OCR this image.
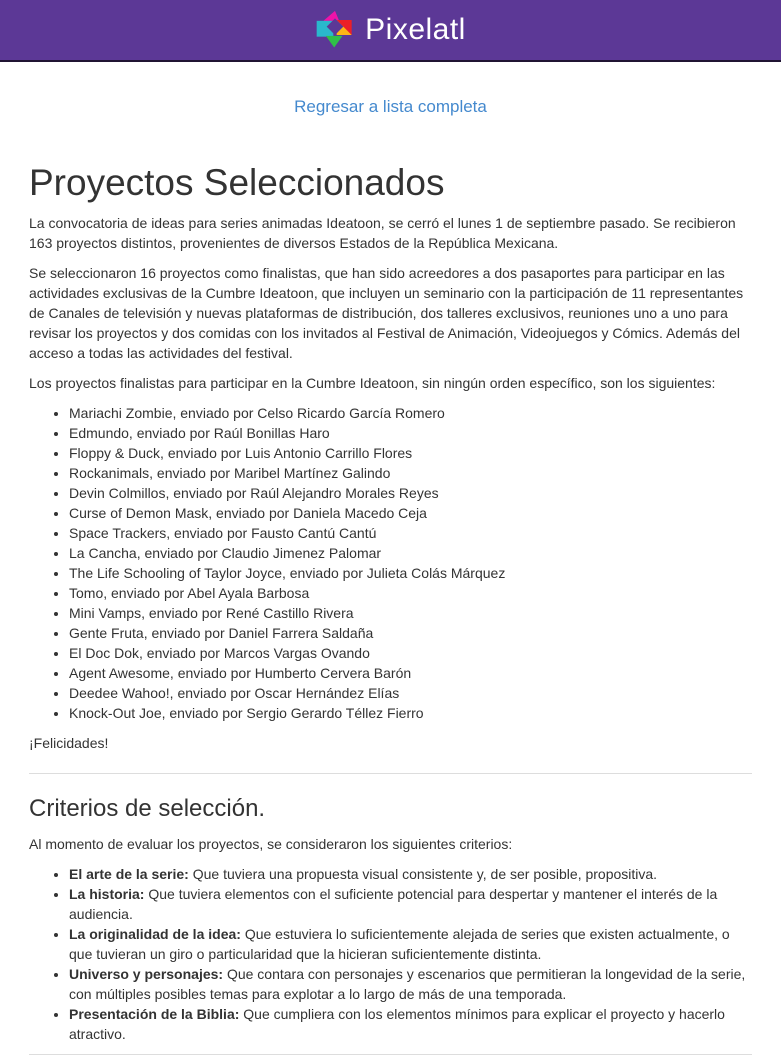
Pixelatl
Regresar a lista completa
Proyectos Seleccionados

La convocatoria de ideas para series animadas Ideatoon, se cerró el lunes 1 de septiembre pasado. Se recibieron 163 proyectos distintos, provenientes de diversos Estados de la República Mexicana.

Se seleccionaron 16 proyectos como finalistas, que han sido acreedores a dos pasaportes para participar en las actividades exclusivas de la Cumbre Ideatoon, que incluyen un seminario con la participación de 11 representantes de Canales de televisión y nuevas plataformas de distribución, dos talleres exclusivos, reuniones uno a uno para revisar los proyectos y dos comidas con los invitados al Festival de Animación, Videojuegos y Cómics. Además del acceso a todas las actividades del festival.

Los proyectos finalistas para participar en la Cumbre Ideatoon, sin ningún orden específico, son los siguientes:

• Mariachi Zombie, enviado por Celso Ricardo García Romero
• Edmundo, enviado por Raúl Bonillas Haro
• Floppy & Duck, enviado por Luis Antonio Carrillo Flores
• Rockanimals, enviado por Maribel Martínez Galindo
• Devin Colmillos, enviado por Raúl Alejandro Morales Reyes
• Curse of Demon Mask, enviado por Daniela Macedo Ceja
• Space Trackers, enviado por Fausto Cantú Cantú
• La Cancha, enviado por Claudio Jimenez Palomar
• The Life Schooling of Taylor Joyce, enviado por Julieta Colás Márquez
• Tomo, enviado por Abel Ayala Barbosa
• Mini Vamps, enviado por René Castillo Rivera
• Gente Fruta, enviado por Daniel Farrera Saldaña
• El Doc Dok, enviado por Marcos Vargas Ovando
• Agent Awesome, enviado por Humberto Cervera Barón
• Deedee Wahoo!, enviado por Oscar Hernández Elías
• Knock-Out Joe, enviado por Sergio Gerardo Téllez Fierro

¡Felicidades!

Criterios de selección.

Al momento de evaluar los proyectos, se consideraron los siguientes criterios:

• El arte de la serie: Que tuviera una propuesta visual consistente y, de ser posible, propositiva.
• La historia: Que tuviera elementos con el suficiente potencial para despertar y mantener el interés de la audiencia.
• La originalidad de la idea: Que estuviera lo suficientemente alejada de series que existen actualmente, o que tuvieran un giro o particularidad que la hicieran suficientemente distinta.
• Universo y personajes: Que contara con personajes y escenarios que permitieran la longevidad de la serie, con múltiples posibles temas para explotar a lo largo de más de una temporada.
• Presentación de la Biblia: Que cumpliera con los elementos mínimos para explicar el proyecto y hacerlo atractivo.
